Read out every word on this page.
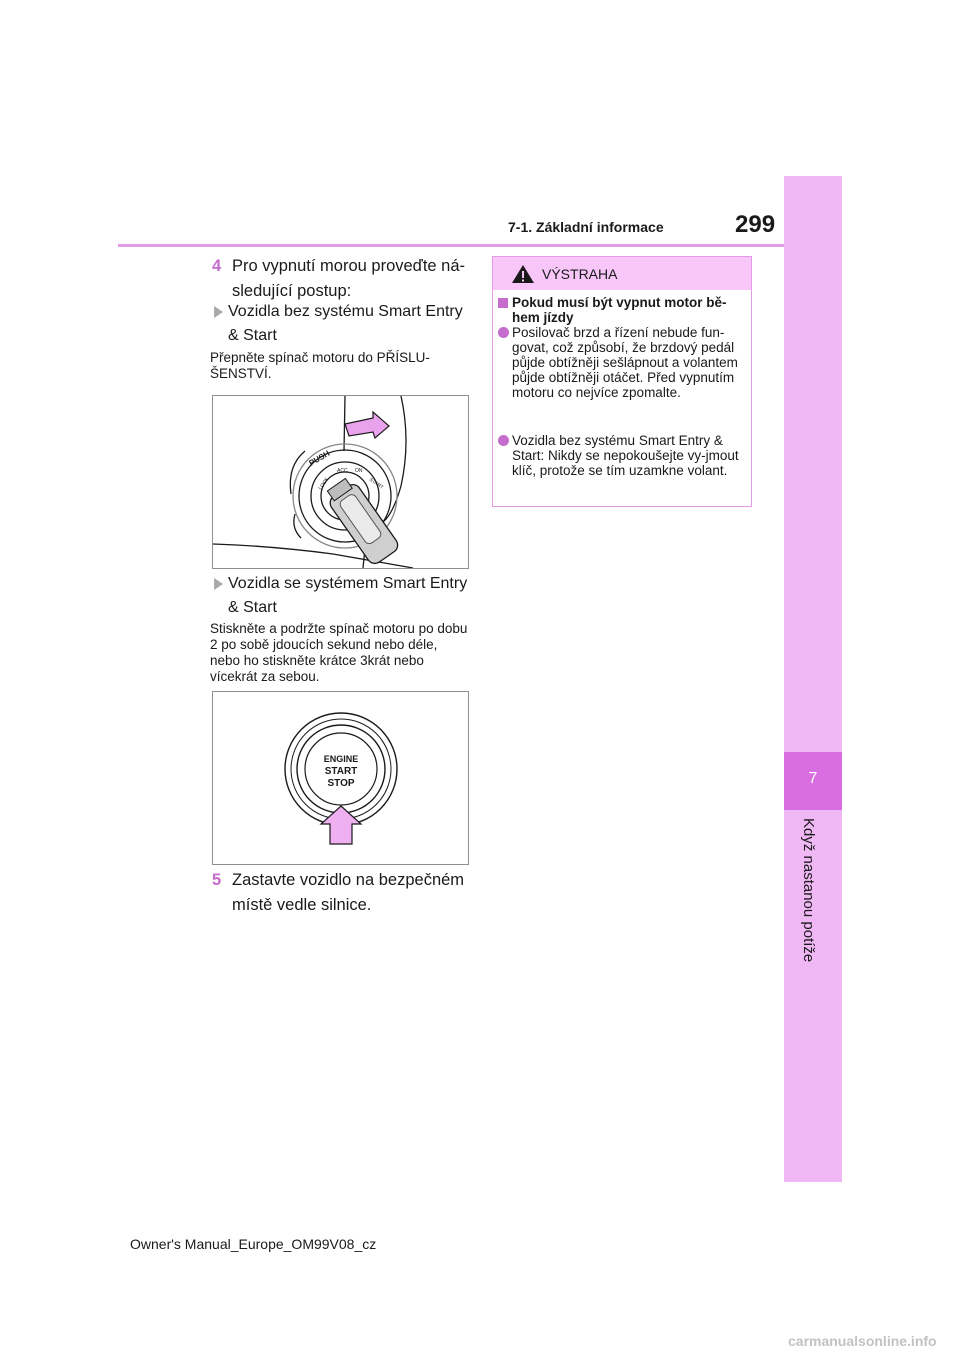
7
Když nastanou potíže
7-1. Základní informace	299
4 Pro vypnutí morou proveďte ná-sledující postup:
Vozidla bez systému Smart Entry & Start
Přepněte spínač motoru do PŘÍSLU-ŠENSTVÍ.
PUSH
LOCK
ACC ON
START
Vozidla se systémem Smart Entry & Start
Stiskněte a podržte spínač motoru po dobu 2 po sobě jdoucích sekund nebo déle, nebo ho stiskněte krátce 3krát nebo vícekrát za sebou.
ENGINE
START
STOP
5 Zastavte vozidlo na bezpečném místě vedle silnice.
VÝSTRAHA
Pokud musí být vypnut motor bě-hem jízdy
Posilovač brzd a řízení nebude fun-govat, což způsobí, že brzdový pedál půjde obtížněji sešlápnout a volantem půjde obtížněji otáčet. Před vypnutím motoru co nejvíce zpomalte.
Vozidla bez systému Smart Entry & Start: Nikdy se nepokoušejte vy-jmout klíč, protože se tím uzamkne volant.
Owner's Manual_Europe_OM99V08_cz
carmanualsonline.info
